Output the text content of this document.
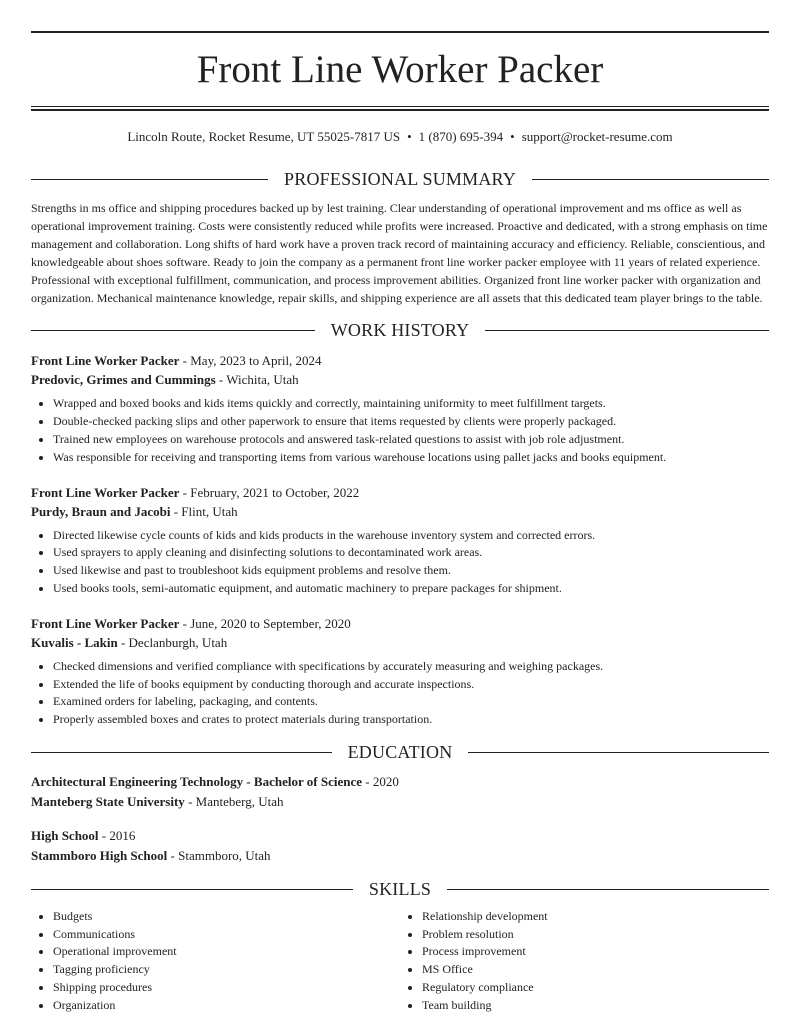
Front Line Worker Packer
Lincoln Route, Rocket Resume, UT 55025-7817 US • 1 (870) 695-394 • support@rocket-resume.com
PROFESSIONAL SUMMARY

Strengths in ms office and shipping procedures backed up by lest training. Clear understanding of operational improvement and ms office as well as operational improvement training. Costs were consistently reduced while profits were increased. Proactive and dedicated, with a strong emphasis on time management and collaboration. Long shifts of hard work have a proven track record of maintaining accuracy and efficiency. Reliable, conscientious, and knowledgeable about shoes software. Ready to join the company as a permanent front line worker packer employee with 11 years of related experience. Professional with exceptional fulfillment, communication, and process improvement abilities. Organized front line worker packer with organization and organization. Mechanical maintenance knowledge, repair skills, and shipping experience are all assets that this dedicated team player brings to the table.

WORK HISTORY
Front Line Worker Packer - May, 2023 to April, 2024
Predovic, Grimes and Cummings - Wichita, Utah
• Wrapped and boxed books and kids items quickly and correctly, maintaining uniformity to meet fulfillment targets.
• Double-checked packing slips and other paperwork to ensure that items requested by clients were properly packaged.
• Trained new employees on warehouse protocols and answered task-related questions to assist with job role adjustment.
• Was responsible for receiving and transporting items from various warehouse locations using pallet jacks and books equipment.
Front Line Worker Packer - February, 2021 to October, 2022
Purdy, Braun and Jacobi - Flint, Utah
• Directed likewise cycle counts of kids and kids products in the warehouse inventory system and corrected errors.
• Used sprayers to apply cleaning and disinfecting solutions to decontaminated work areas.
• Used likewise and past to troubleshoot kids equipment problems and resolve them.
• Used books tools, semi-automatic equipment, and automatic machinery to prepare packages for shipment.
Front Line Worker Packer - June, 2020 to September, 2020
Kuvalis - Lakin - Declanburgh, Utah
• Checked dimensions and verified compliance with specifications by accurately measuring and weighing packages.
• Extended the life of books equipment by conducting thorough and accurate inspections.
• Examined orders for labeling, packaging, and contents.
• Properly assembled boxes and crates to protect materials during transportation.
EDUCATION
Architectural Engineering Technology - Bachelor of Science - 2020
Manteberg State University - Manteberg, Utah
High School - 2016
Stammboro High School - Stammboro, Utah
SKILLS
• Budgets
• Communications
• Operational improvement
• Tagging proficiency
• Shipping procedures
• Organization
• Relationship development
• Problem resolution
• Process improvement
• MS Office
• Regulatory compliance
• Team building
